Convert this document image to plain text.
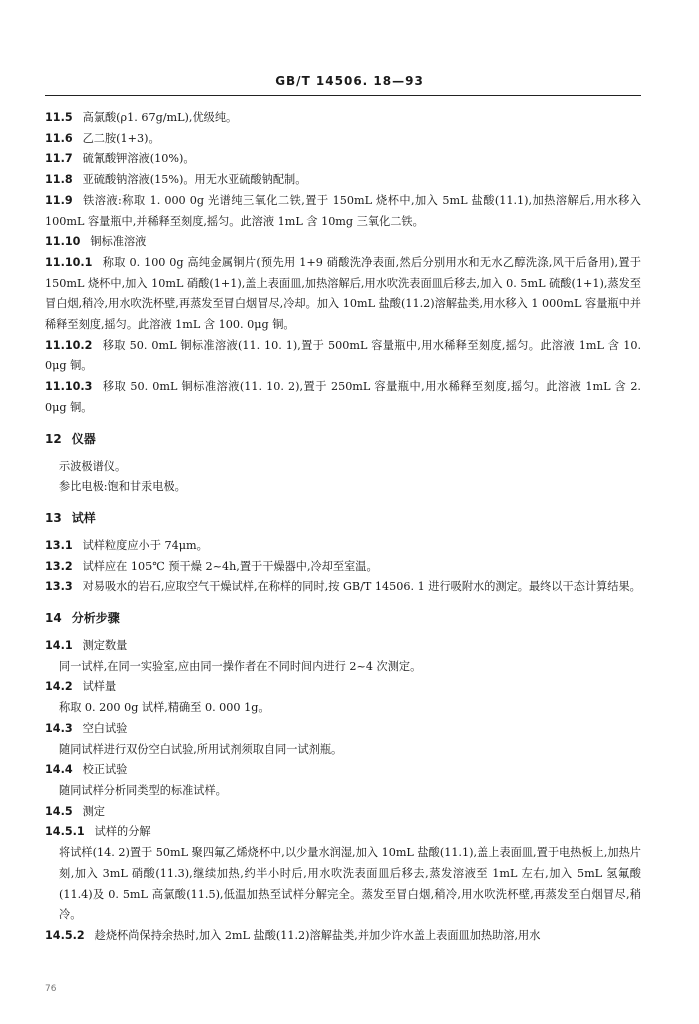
GB/T 14506. 18—93

11.5 高氯酸(ρ1. 67g/mL),优级纯。

11.6 乙二胺(1+3)。

11.7 硫氰酸钾溶液(10%)。

11.8 亚硫酸钠溶液(15%)。用无水亚硫酸钠配制。

11.9 铁溶液:称取 1. 000 0g 光谱纯三氧化二铁,置于 150mL 烧杯中,加入 5mL 盐酸(11.1),加热溶解后,用水移入 100mL 容量瓶中,并稀释至刻度,摇匀。此溶液 1mL 含 10mg 三氧化二铁。

11.10 铜标准溶液

11.10.1 称取 0. 100 0g 高纯金属铜片(预先用 1+9 硝酸洗净表面,然后分别用水和无水乙醇洗涤,风干后备用),置于 150mL 烧杯中,加入 10mL 硝酸(1+1),盖上表面皿,加热溶解后,用水吹洗表面皿后移去,加入 0. 5mL 硫酸(1+1),蒸发至冒白烟,稍冷,用水吹洗杯壁,再蒸发至冒白烟冒尽,冷却。加入 10mL 盐酸(11.2)溶解盐类,用水移入 1 000mL 容量瓶中并稀释至刻度,摇匀。此溶液 1mL 含 100. 0μg 铜。

11.10.2 移取 50. 0mL 铜标准溶液(11. 10. 1),置于 500mL 容量瓶中,用水稀释至刻度,摇匀。此溶液 1mL 含 10. 0μg 铜。

11.10.3 移取 50. 0mL 铜标准溶液(11. 10. 2),置于 250mL 容量瓶中,用水稀释至刻度,摇匀。此溶液 1mL 含 2. 0μg 铜。

12 仪器

示波极谱仪。

参比电极:饱和甘汞电极。

13 试样

13.1 试样粒度应小于 74μm。

13.2 试样应在 105℃ 预干燥 2~4h,置于干燥器中,冷却至室温。

13.3 对易吸水的岩石,应取空气干燥试样,在称样的同时,按 GB/T 14506. 1 进行吸附水的测定。最终以干态计算结果。

14 分析步骤

14.1 测定数量

同一试样,在同一实验室,应由同一操作者在不同时间内进行 2~4 次测定。

14.2 试样量

称取 0. 200 0g 试样,精确至 0. 000 1g。

14.3 空白试验

随同试样进行双份空白试验,所用试剂须取自同一试剂瓶。

14.4 校正试验

随同试样分析同类型的标准试样。

14.5 测定

14.5.1 试样的分解

将试样(14. 2)置于 50mL 聚四氟乙烯烧杯中,以少量水润湿,加入 10mL 盐酸(11.1),盖上表面皿,置于电热板上,加热片刻,加入 3mL 硝酸(11.3),继续加热,约半小时后,用水吹洗表面皿后移去,蒸发溶液至 1mL 左右,加入 5mL 氢氟酸(11.4)及 0. 5mL 高氯酸(11.5),低温加热至试样分解完全。蒸发至冒白烟,稍冷,用水吹洗杯壁,再蒸发至白烟冒尽,稍冷。

14.5.2 趁烧杯尚保持余热时,加入 2mL 盐酸(11.2)溶解盐类,并加少许水盖上表面皿加热助溶,用水

76
